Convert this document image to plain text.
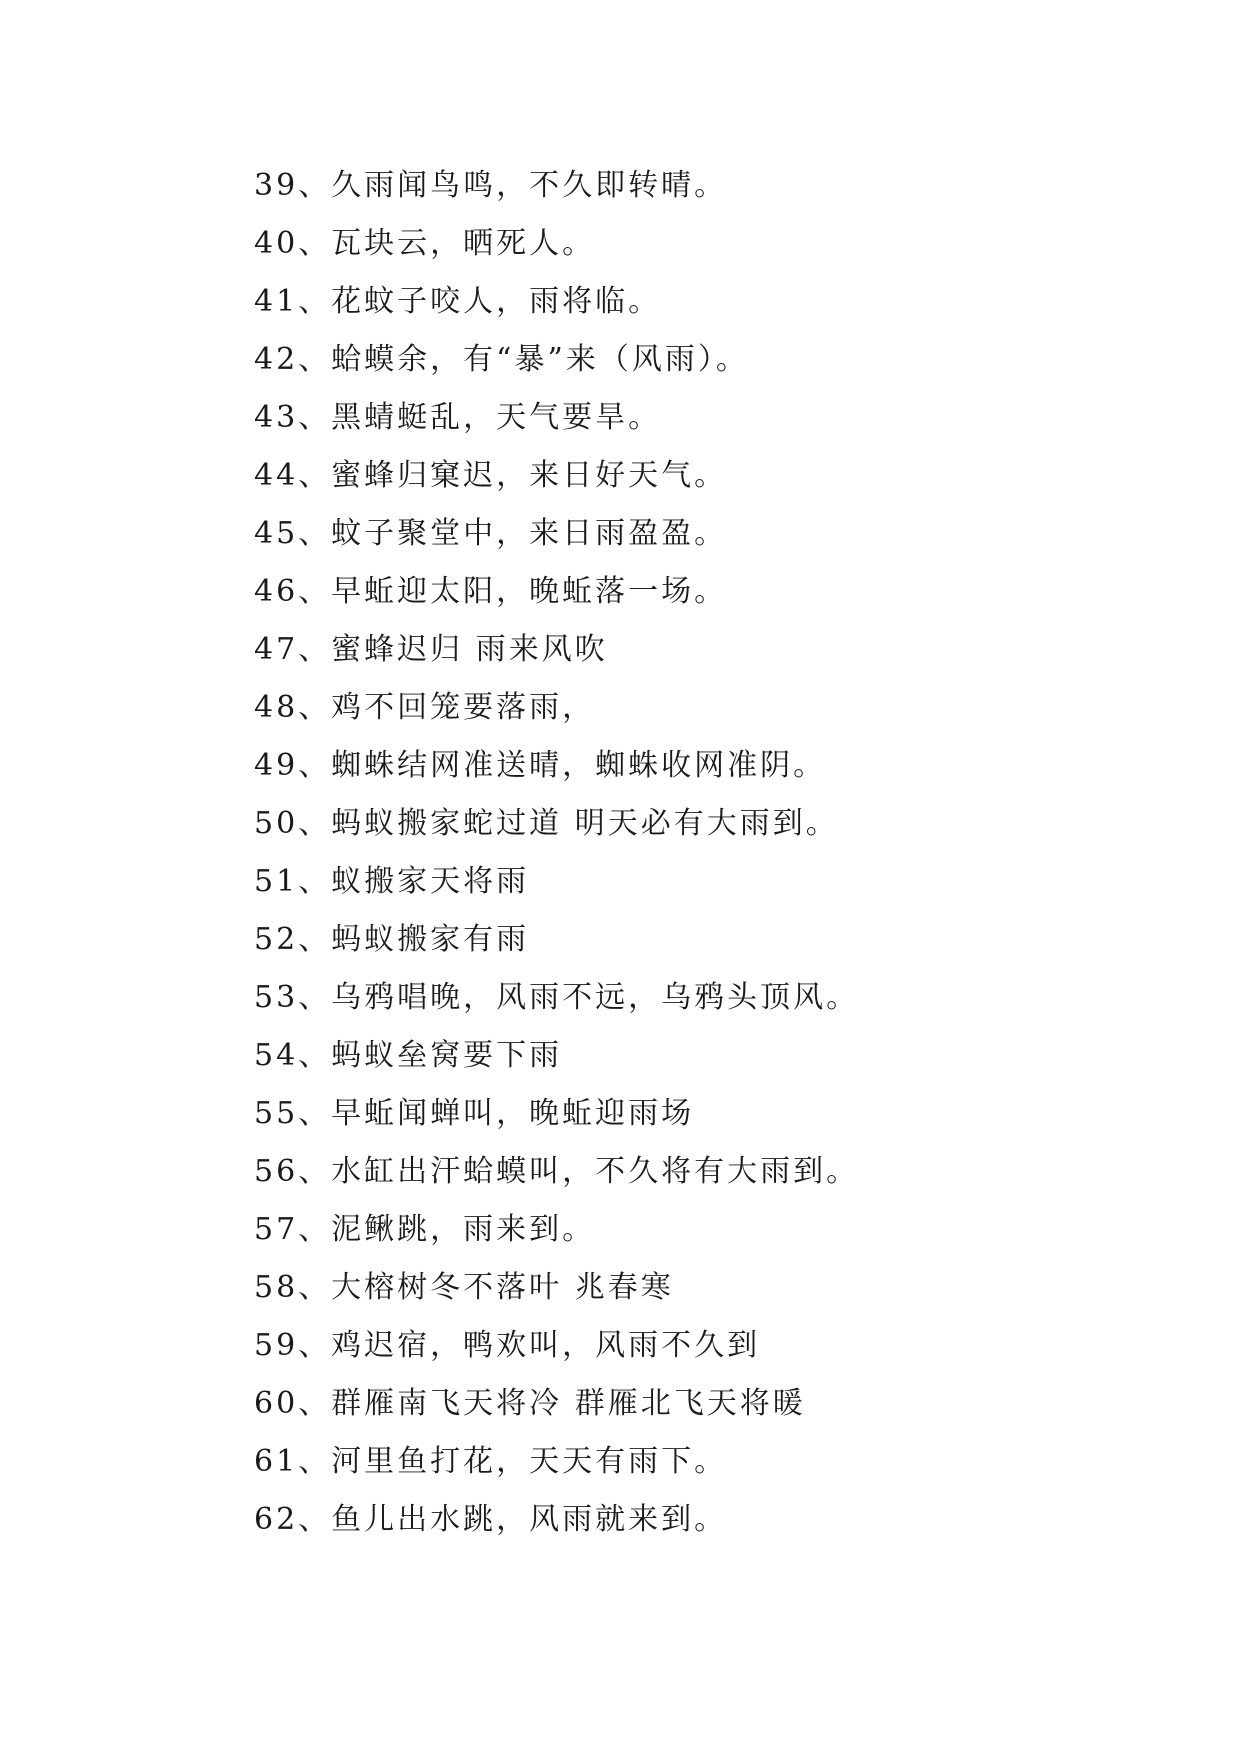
39、久雨闻鸟鸣，不久即转晴。
40、瓦块云，晒死人。
41、花蚊子咬人，雨将临。
42、蛤蟆余，有“暴”来（风雨）。
43、黑蜻蜓乱，天气要旱。
44、蜜蜂归窠迟，来日好天气。
45、蚊子聚堂中，来日雨盈盈。
46、早蚯迎太阳，晚蚯落一场。
47、蜜蜂迟归 雨来风吹
48、鸡不回笼要落雨，
49、蜘蛛结网准送晴，蜘蛛收网准阴。
50、蚂蚁搬家蛇过道 明天必有大雨到。
51、蚁搬家天将雨
52、蚂蚁搬家有雨
53、乌鸦唱晚，风雨不远，乌鸦头顶风。
54、蚂蚁垒窝要下雨
55、早蚯闻蝉叫，晚蚯迎雨场
56、水缸出汗蛤蟆叫，不久将有大雨到。
57、泥鳅跳，雨来到。
58、大榕树冬不落叶 兆春寒
59、鸡迟宿，鸭欢叫，风雨不久到
60、群雁南飞天将冷 群雁北飞天将暖
61、河里鱼打花，天天有雨下。
62、鱼儿出水跳，风雨就来到。
